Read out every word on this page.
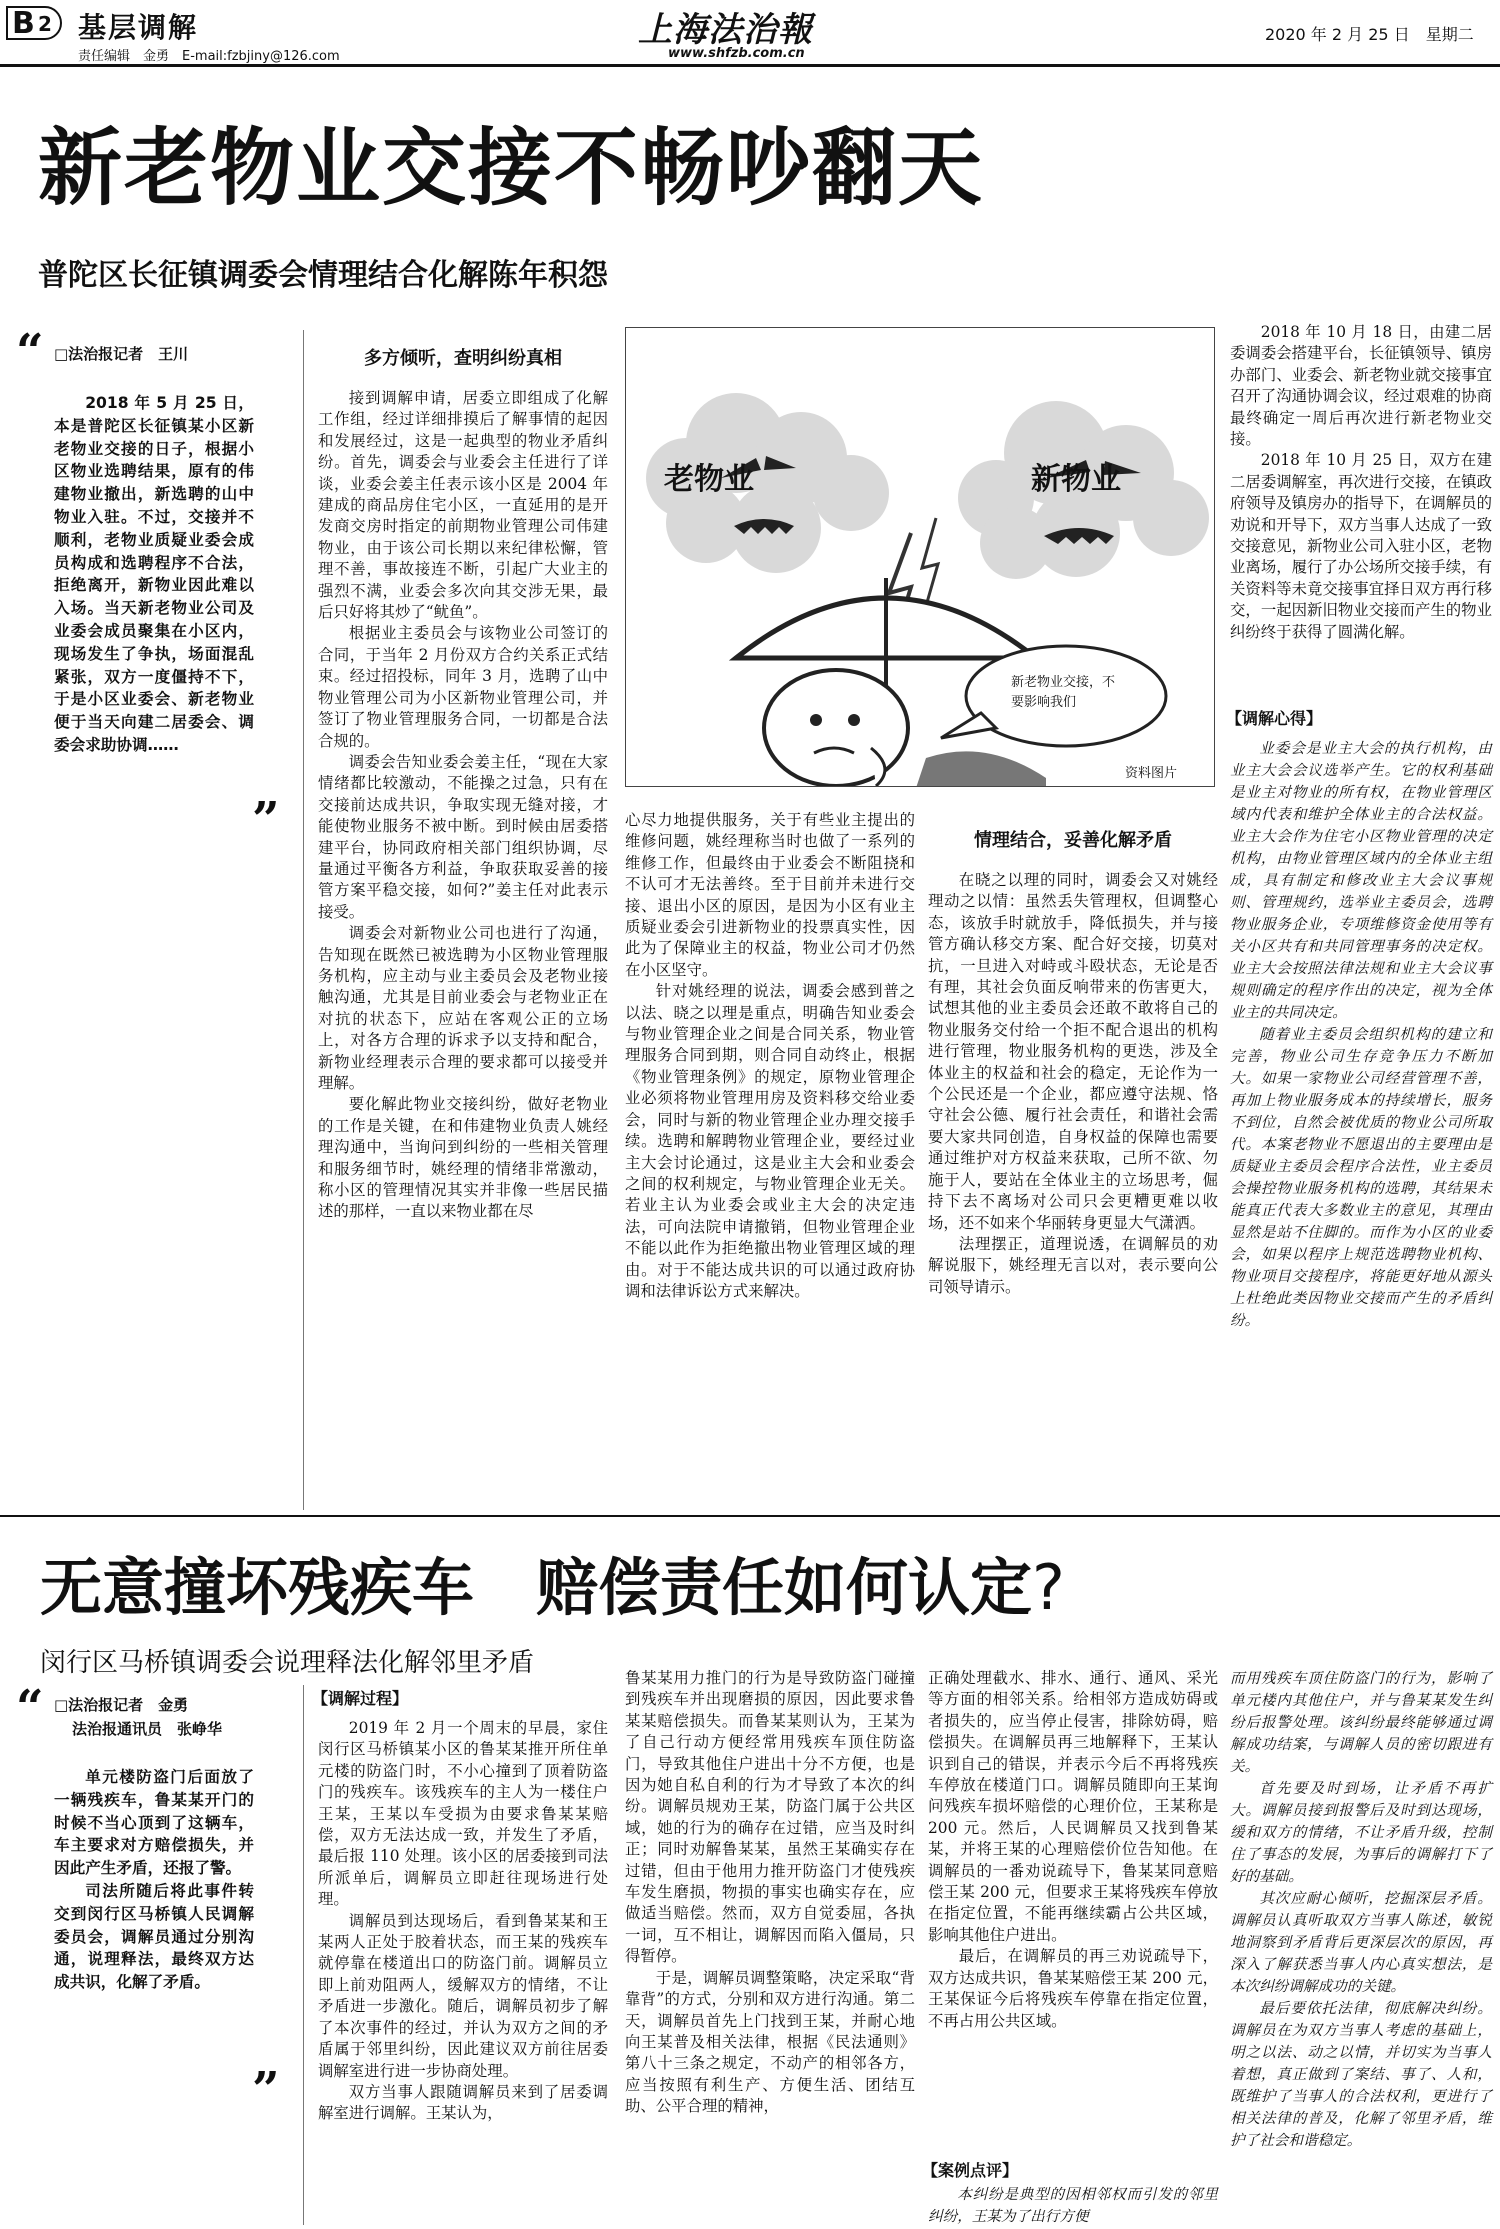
B 2 基层调解
责任编辑　金勇　E-mail:fzbjiny@126.com
上海法治報
www.shfzb.com.cn
2020 年 2 月 25 日　星期二
新老物业交接不畅吵翻天
普陀区长征镇调委会情理结合化解陈年积怨
“ □法治报记者　王川

2018 年 5 月 25 日，本是普陀区长征镇某小区新老物业交接的日子，根据小区物业选聘结果，原有的伟建物业撤出，新选聘的山中物业入驻。不过，交接并不顺利，老物业质疑业委会成员构成和选聘程序不合法，拒绝离开，新物业因此难以入场。当天新老物业公司及业委会成员聚集在小区内，现场发生了争执，场面混乱紧张，双方一度僵持不下，于是小区业委会、新老物业便于当天向建二居委会、调委会求助协调……

”
多方倾听，查明纠纷真相

接到调解申请，居委立即组成了化解工作组，经过详细排摸后了解事情的起因和发展经过，这是一起典型的物业矛盾纠纷。首先，调委会与业委会主任进行了详谈，业委会姜主任表示该小区是 2004 年建成的商品房住宅小区，一直延用的是开发商交房时指定的前期物业管理公司伟建物业，由于该公司长期以来纪律松懈，管理不善，事故接连不断，引起广大业主的强烈不满，业委会多次向其交涉无果，最后只好将其炒了“鱿鱼”。

根据业主委员会与该物业公司签订的合同，于当年 2 月份双方合约关系正式结束。经过招投标，同年 3 月，选聘了山中物业管理公司为小区新物业管理公司，并签订了物业管理服务合同，一切都是合法合规的。

调委会告知业委会姜主任，“现在大家情绪都比较激动，不能操之过急，只有在交接前达成共识，争取实现无缝对接，才能使物业服务不被中断。到时候由居委搭建平台，协同政府相关部门组织协调，尽量通过平衡各方利益，争取获取妥善的接管方案平稳交接，如何?”姜主任对此表示接受。

调委会对新物业公司也进行了沟通，告知现在既然已被选聘为小区物业管理服务机构，应主动与业主委员会及老物业接触沟通，尤其是目前业委会与老物业正在对抗的状态下，应站在客观公正的立场上，对各方合理的诉求予以支持和配合，新物业经理表示合理的要求都可以接受并理解。

要化解此物业交接纠纷，做好老物业的工作是关键，在和伟建物业负责人姚经理沟通中，当询问到纠纷的一些相关管理和服务细节时，姚经理的情绪非常激动，称小区的管理情况其实并非像一些居民描述的那样，一直以来物业都在尽

老物业	新物业
新老物业交接，不要影响我们
资料图片

心尽力地提供服务，关于有些业主提出的维修问题，姚经理称当时也做了一系列的维修工作，但最终由于业委会不断阻挠和不认可才无法善终。至于目前并未进行交接、退出小区的原因，是因为小区有业主质疑业委会引进新物业的投票真实性，因此为了保障业主的权益，物业公司才仍然在小区坚守。

针对姚经理的说法，调委会感到普之以法、晓之以理是重点，明确告知业委会与物业管理企业之间是合同关系，物业管理服务合同到期，则合同自动终止，根据《物业管理条例》的规定，原物业管理企业必须将物业管理用房及资料移交给业委会，同时与新的物业管理企业办理交接手续。选聘和解聘物业管理企业，要经过业主大会讨论通过，这是业主大会和业委会之间的权利规定，与物业管理企业无关。若业主认为业委会或业主大会的决定违法，可向法院申请撤销，但物业管理企业不能以此作为拒绝撤出物业管理区域的理由。对于不能达成共识的可以通过政府协调和法律诉讼方式来解决。

情理结合，妥善化解矛盾

在晓之以理的同时，调委会又对姚经理动之以情：虽然丢失管理权，但调整心态，该放手时就放手，降低损失，并与接管方确认移交方案、配合好交接，切莫对抗，一旦进入对峙或斗殴状态，无论是否有理，其社会负面反响带来的伤害更大，试想其他的业主委员会还敢不敢将自己的物业服务交付给一个拒不配合退出的机构进行管理，物业服务机构的更迭，涉及全体业主的权益和社会的稳定，无论作为一个公民还是一个企业，都应遵守法规、恪守社会公德、履行社会责任，和谐社会需要大家共同创造，自身权益的保障也需要通过维护对方权益来获取，己所不欲、勿施于人，要站在全体业主的立场思考，倔持下去不离场对公司只会更糟更难以收场，还不如来个华丽转身更显大气潇洒。

法理摆正，道理说透，在调解员的劝解说服下，姚经理无言以对，表示要向公司领导请示。

2018 年 10 月 18 日，由建二居委调委会搭建平台，长征镇领导、镇房办部门、业委会、新老物业就交接事宜召开了沟通协调会议，经过艰难的协商最终确定一周后再次进行新老物业交接。

2018 年 10 月 25 日，双方在建二居委调解室，再次进行交接，在镇政府领导及镇房办的指导下，在调解员的劝说和开导下，双方当事人达成了一致交接意见，新物业公司入驻小区，老物业离场，履行了办公场所交接手续，有关资料等未竟交接事宜择日双方再行移交，一起因新旧物业交接而产生的物业纠纷终于获得了圆满化解。

【调解心得】

业委会是业主大会的执行机构，由业主大会会议选举产生。它的权利基础是业主对物业的所有权，在物业管理区域内代表和维护全体业主的合法权益。业主大会作为住宅小区物业管理的决定机构，由物业管理区域内的全体业主组成，具有制定和修改业主大会议事规则、管理规约，选举业主委员会，选聘物业服务企业，专项维修资金使用等有关小区共有和共同管理事务的决定权。业主大会按照法律法规和业主大会议事规则确定的程序作出的决定，视为全体业主的共同决定。

随着业主委员会组织机构的建立和完善，物业公司生存竞争压力不断加大。如果一家物业公司经营管理不善，再加上物业服务成本的持续增长，服务不到位，自然会被优质的物业公司所取代。本案老物业不愿退出的主要理由是质疑业主委员会程序合法性，业主委员会操控物业服务机构的选聘，其结果未能真正代表大多数业主的意见，其理由显然是站不住脚的。而作为小区的业委会，如果以程序上规范选聘物业机构、物业项目交接程序，将能更好地从源头上杜绝此类因物业交接而产生的矛盾纠纷。

无意撞坏残疾车　赔偿责任如何认定?
闵行区马桥镇调委会说理释法化解邻里矛盾
“ □法治报记者　金勇
法治报通讯员　张峥华

单元楼防盗门后面放了一辆残疾车，鲁某某开门的时候不当心顶到了这辆车，车主要求对方赔偿损失，并因此产生矛盾，还报了警。

司法所随后将此事件转交到闵行区马桥镇人民调解委员会，调解员通过分别沟通，说理释法，最终双方达成共识，化解了矛盾。

”
【调解过程】

2019 年 2 月一个周末的早晨，家住闵行区马桥镇某小区的鲁某某推开所住单元楼的防盗门时，不小心撞到了顶着防盗门的残疾车。该残疾车的主人为一楼住户王某，王某以车受损为由要求鲁某某赔偿，双方无法达成一致，并发生了矛盾，最后报 110 处理。该小区的居委接到司法所派单后，调解员立即赶往现场进行处理。

调解员到达现场后，看到鲁某某和王某两人正处于胶着状态，而王某的残疾车就停靠在楼道出口的防盗门前。调解员立即上前劝阻两人，缓解双方的情绪，不让矛盾进一步激化。随后，调解员初步了解了本次事件的经过，并认为双方之间的矛盾属于邻里纠纷，因此建议双方前往居委调解室进行进一步协商处理。

双方当事人跟随调解员来到了居委调解室进行调解。王某认为，

鲁某某用力推门的行为是导致防盗门碰撞到残疾车并出现磨损的原因，因此要求鲁某某赔偿损失。而鲁某某则认为，王某为了自己行动方便经常用残疾车顶住防盗门，导致其他住户进出十分不方便，也是因为她自私自利的行为才导致了本次的纠纷。调解员规劝王某，防盗门属于公共区域，她的行为的确存在过错，应当及时纠正；同时劝解鲁某某，虽然王某确实存在过错，但由于他用力推开防盗门才使残疾车发生磨损，物损的事实也确实存在，应做适当赔偿。然而，双方自觉委屈，各执一词，互不相让，调解因而陷入僵局，只得暂停。

于是，调解员调整策略，决定采取“背靠背”的方式，分别和双方进行沟通。第二天，调解员首先上门找到王某，并耐心地向王某普及相关法律，根据《民法通则》第八十三条之规定，不动产的相邻各方，应当按照有利生产、方便生活、团结互助、公平合理的精神，

正确处理截水、排水、通行、通风、采光等方面的相邻关系。给相邻方造成妨碍或者损失的，应当停止侵害，排除妨碍，赔偿损失。在调解员再三地解释下，王某认识到自己的错误，并表示今后不再将残疾车停放在楼道门口。调解员随即向王某询问残疾车损坏赔偿的心理价位，王某称是 200 元。然后，人民调解员又找到鲁某某，并将王某的心理赔偿价位告知他。在调解员的一番劝说疏导下，鲁某某同意赔偿王某 200 元，但要求王某将残疾车停放在指定位置，不能再继续霸占公共区域，影响其他住户进出。

最后，在调解员的再三劝说疏导下，双方达成共识，鲁某某赔偿王某 200 元，王某保证今后将残疾车停靠在指定位置，不再占用公共区域。

【案例点评】

本纠纷是典型的因相邻权而引发的邻里纠纷，王某为了出行方便

而用残疾车顶住防盗门的行为，影响了单元楼内其他住户，并与鲁某某发生纠纷后报警处理。该纠纷最终能够通过调解成功结案，与调解人员的密切跟进有关。

首先要及时到场，让矛盾不再扩大。调解员接到报警后及时到达现场，缓和双方的情绪，不让矛盾升级，控制住了事态的发展，为事后的调解打下了好的基础。

其次应耐心倾听，挖掘深层矛盾。调解员认真听取双方当事人陈述，敏锐地洞察到矛盾背后更深层次的原因，再深入了解获悉当事人内心真实想法，是本次纠纷调解成功的关键。

最后要依托法律，彻底解决纠纷。调解员在为双方当事人考虑的基础上，明之以法、动之以情，并切实为当事人着想，真正做到了案结、事了、人和，既维护了当事人的合法权利，更进行了相关法律的普及，化解了邻里矛盾，维护了社会和谐稳定。
